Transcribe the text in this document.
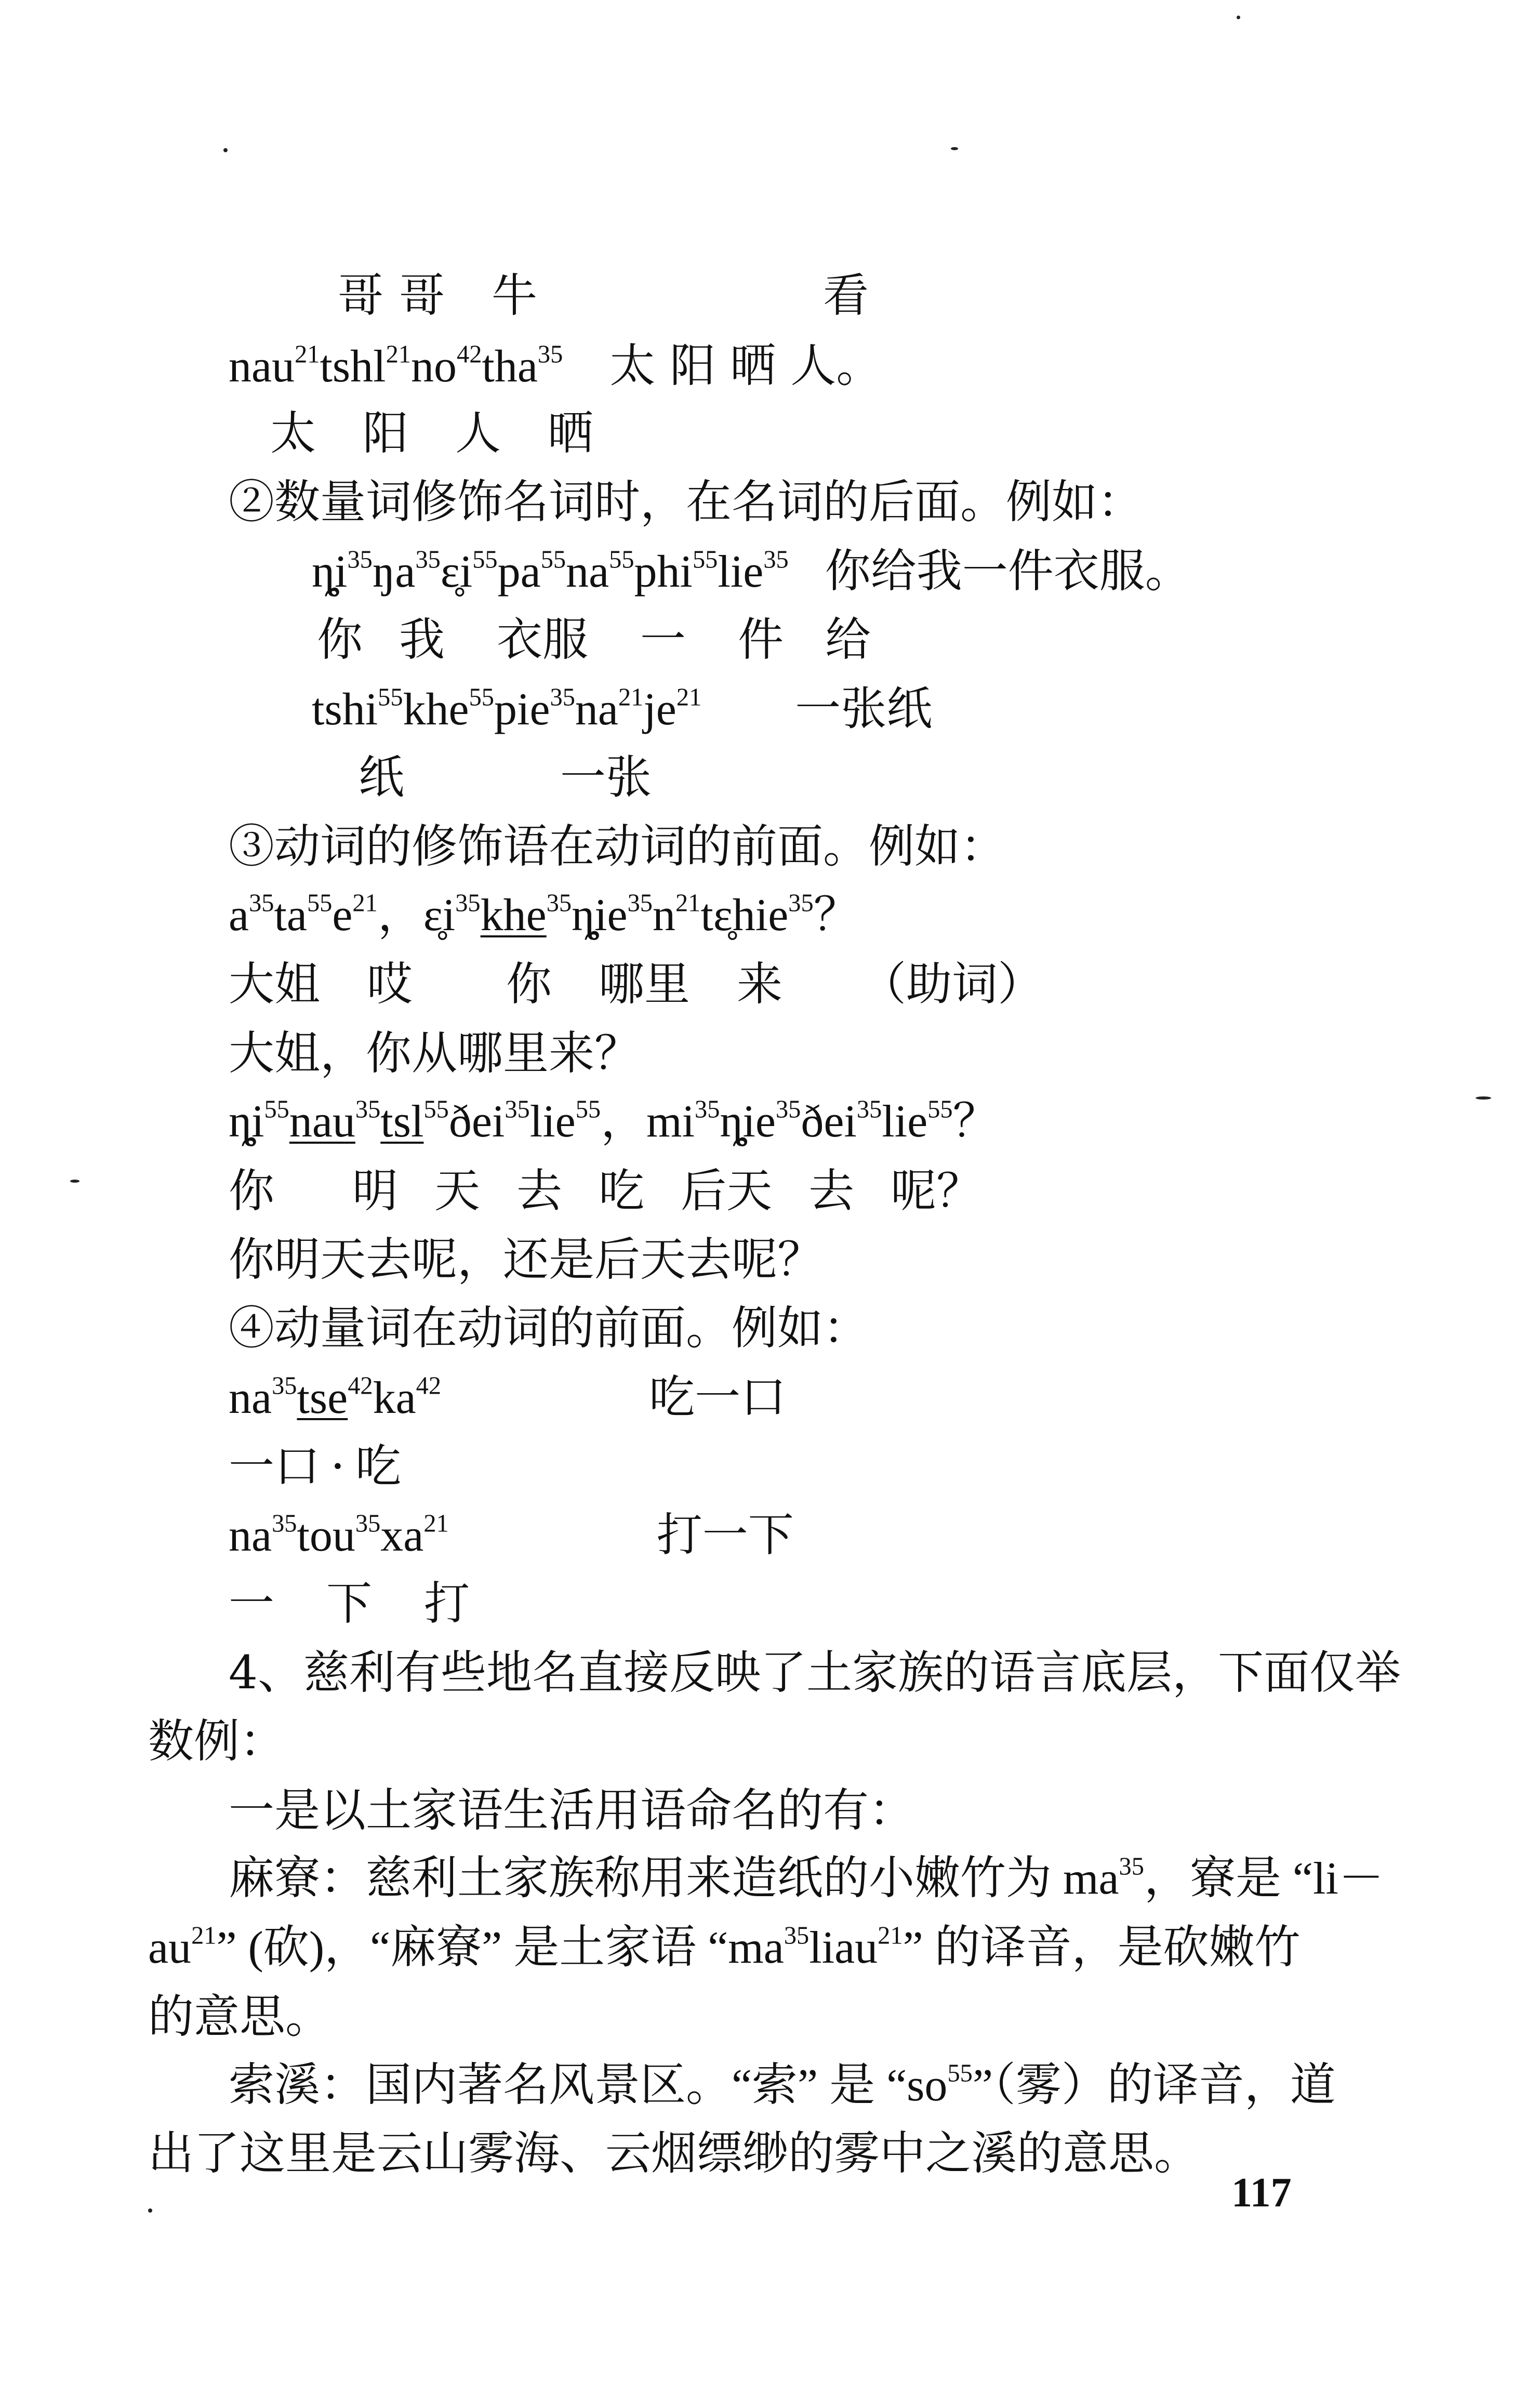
哥哥 牛	看
$nau^{21}tshl^{21}no^{42}tha^{35}$ 太 阳 晒 人。
太 阳 人 晒
②数量词修饰名词时，在名词的后面。例如：
$ȵ̥i^{35}ŋa^{35}ɛ̥i^{55}pa^{55}na^{55}phi^{55}lie^{35}$ 你给我一件衣服。
你 我 衣服 一 件 给
$tshi^{55}khe^{55}pie^{35}na^{21}je^{21}$ 一张纸
纸	一张
③动词的修饰语在动词的前面。例如：
$a^{35}ta^{55}e^{21}$，$ɛ̥i^{35}khe^{35}ȵ̥ie^{35}n^{21}tɛ̥hie^{35}$？
大姐 哎 你 哪里 来 （助词）
大姐，你从哪里来？
$ȵ̥i^{55}nau^{35}tsl^{55}ðei^{35}lie^{55}$，$mi^{35}ȵ̥ie^{35}ðei^{35}lie^{55}$？
你 明 天 去 吃 后天 去 呢？
你明天去呢，还是后天去呢？
④动量词在动词的前面。例如：
$na^{35}tse^{42}ka^{42}$	吃一口
一口 · 吃
$na^{35}tou^{35}xa^{21}$	打一下
一 下 打
4、慈利有些地名直接反映了土家族的语言底层，下面仅举
数例：
一是以土家语生活用语命名的有：
麻寮：慈利土家族称用来造纸的小嫩竹为 $ma^{35}$，寮是 “li－
$au^{21}$” (砍)，“麻寮” 是土家语 “$ma^{35}liau^{21}$” 的译音，是砍嫩竹
的意思。
索溪：国内著名风景区。“索” 是 “$so^{55}$”（雾）的译音，道
出了这里是云山雾海、云烟缥缈的雾中之溪的意思。
117
